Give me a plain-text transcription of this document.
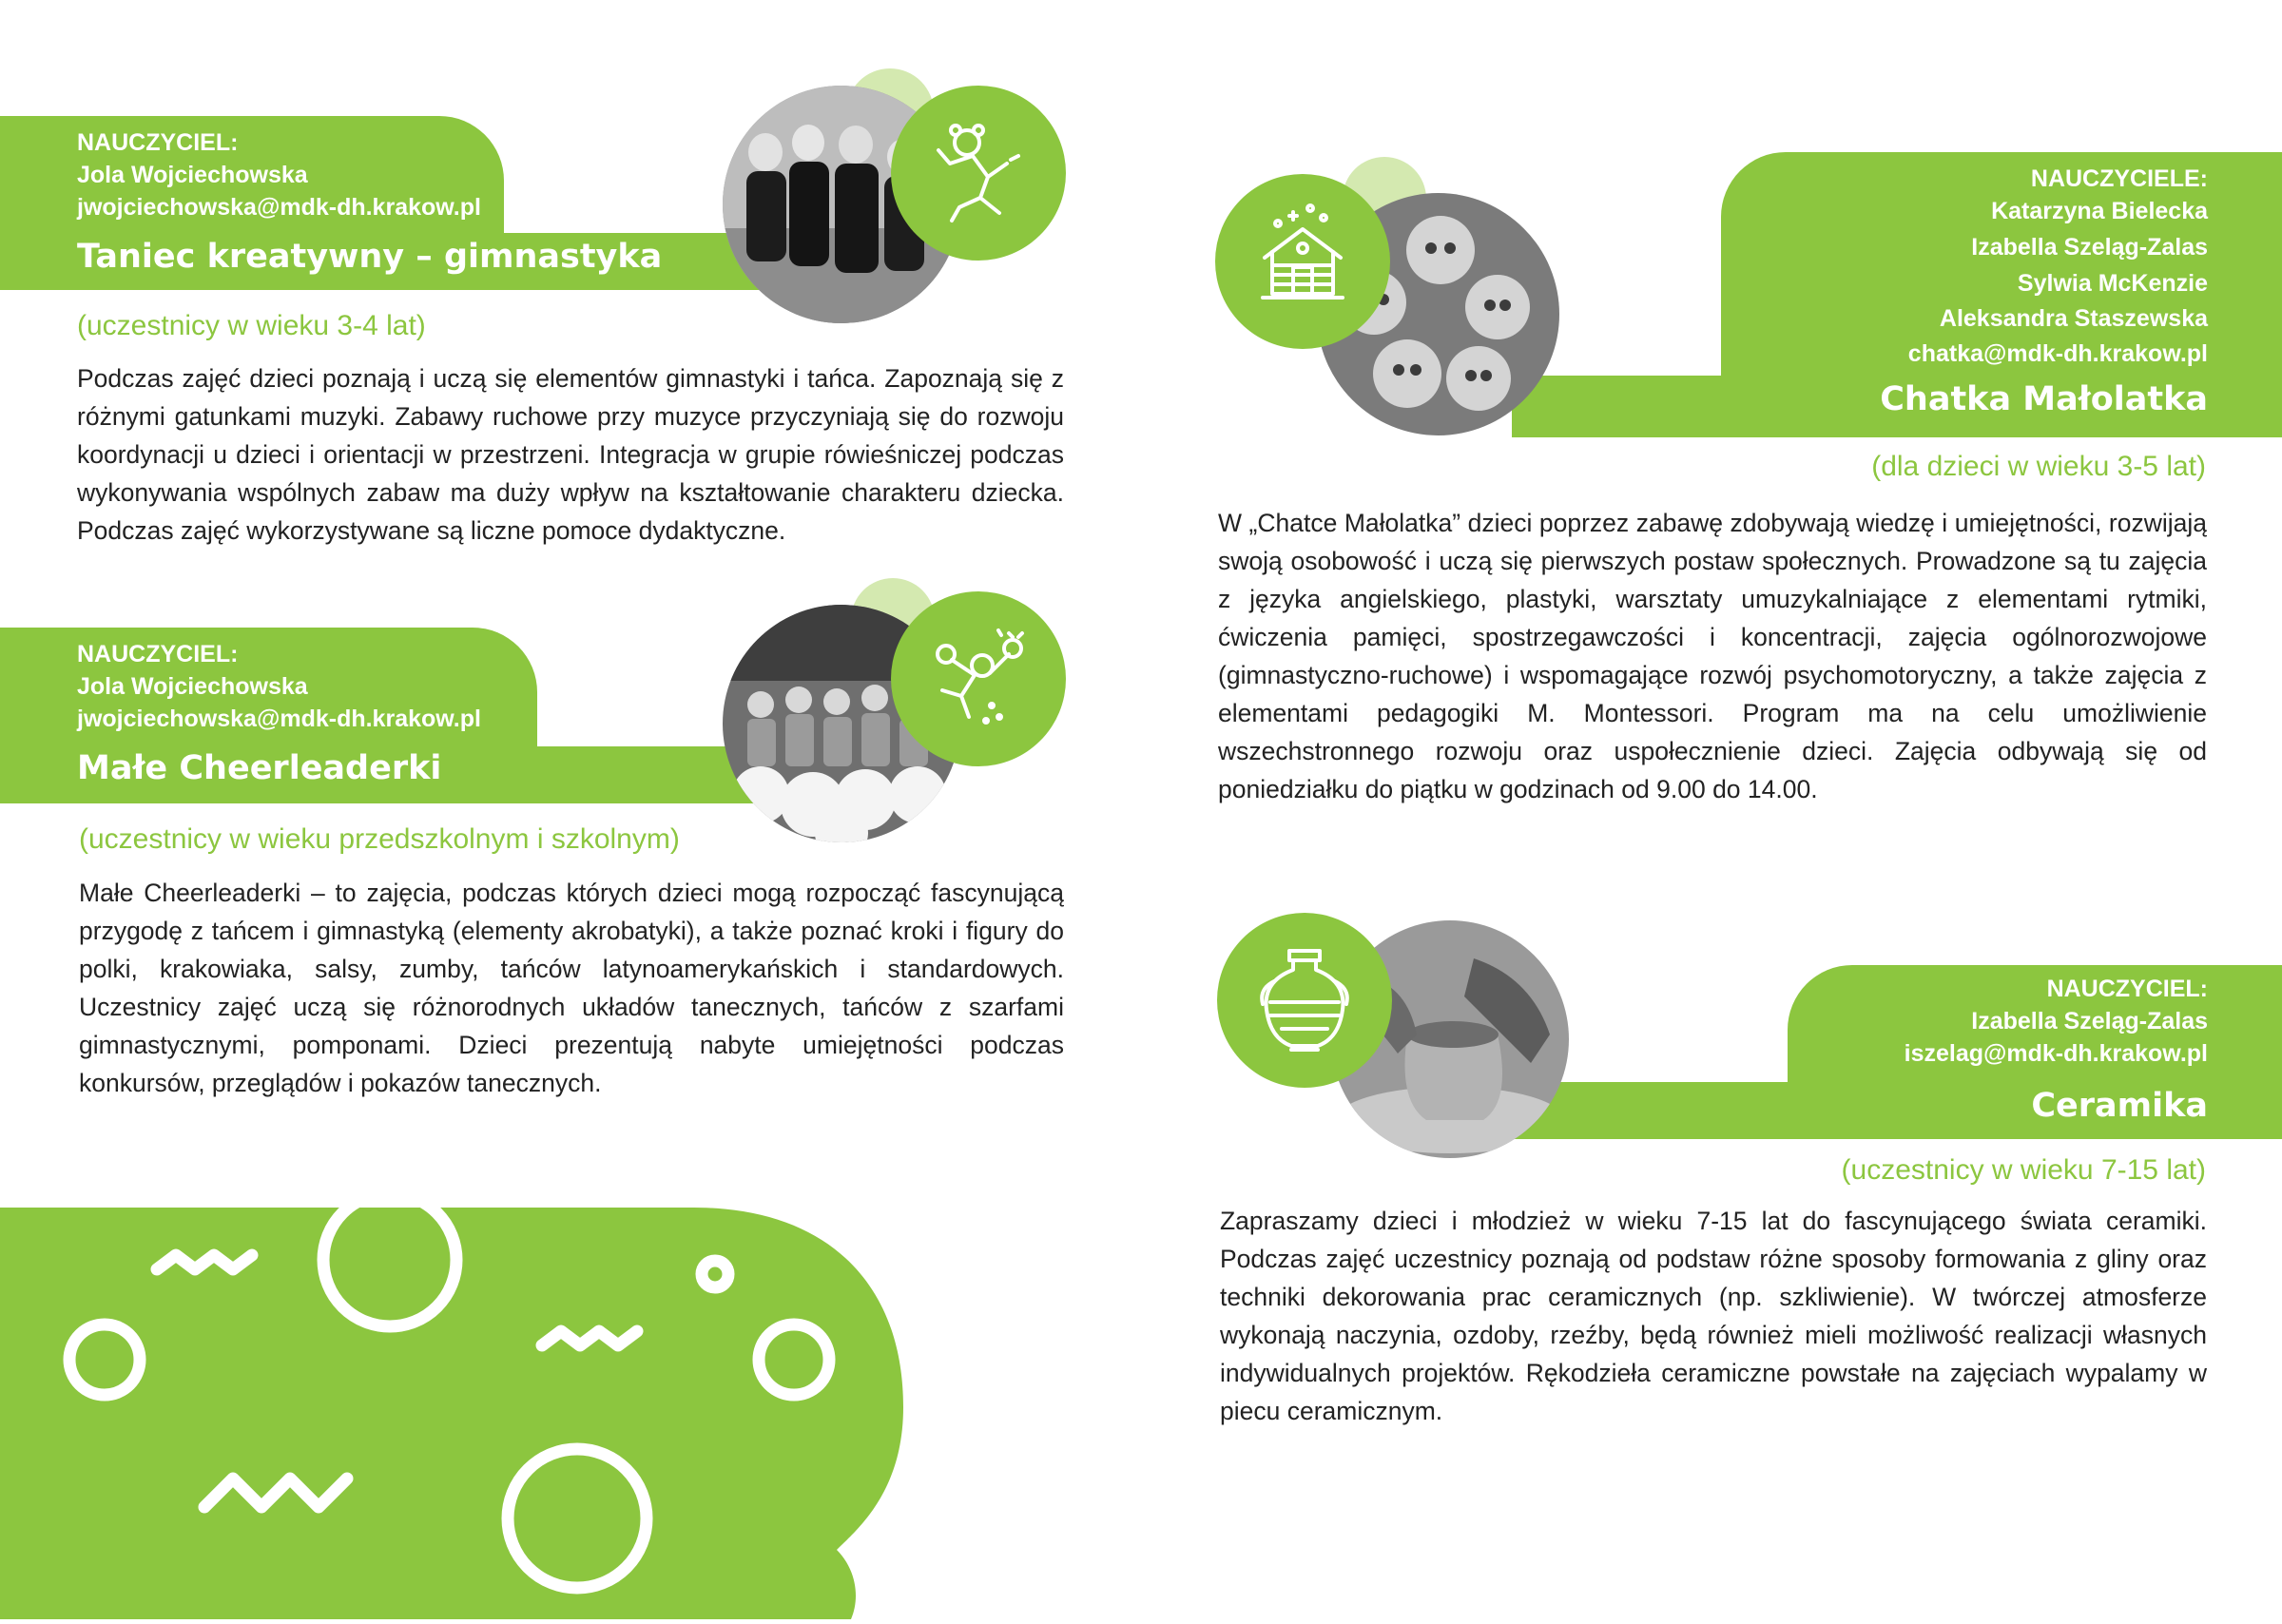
NAUCZYCIEL:
Jola Wojciechowska
jwojciechowska@mdk-dh.krakow.pl
Taniec kreatywny – gimnastyka
(uczestnicy w wieku 3-4 lat)
Podczas zajęć dzieci poznają i uczą się elementów gimnastyki i tańca. Zapoznają się z różnymi gatunkami muzyki. Zabawy ruchowe przy muzyce przyczyniają się do rozwoju koordynacji u dzieci i orientacji w przestrzeni. Integracja w grupie rówieśniczej podczas wykonywania wspólnych zabaw ma duży wpływ na kształtowanie charakteru dziecka. Podczas zajęć wykorzystywane są liczne pomoce dydaktyczne.
NAUCZYCIEL:
Jola Wojciechowska
jwojciechowska@mdk-dh.krakow.pl
Małe Cheerleaderki
(uczestnicy w wieku przedszkolnym i szkolnym)
Małe Cheerleaderki – to zajęcia, podczas których dzieci mogą rozpocząć fascynującą przygodę z tańcem i gimnastyką (elementy akrobatyki), a także poznać kroki i figury do polki, krakowiaka, salsy, zumby, tańców latynoamerykańskich i standardowych. Uczestnicy zajęć uczą się różnorodnych układów tanecznych, tańców z szarfami gimnastycznymi, pomponami. Dzieci prezentują nabyte umiejętności podczas konkursów, przeglądów i pokazów tanecznych.
NAUCZYCIELE:
Katarzyna Bielecka
Izabella Szeląg-Zalas
Sylwia McKenzie
Aleksandra Staszewska
chatka@mdk-dh.krakow.pl
Chatka Małolatka
(dla dzieci w wieku 3-5 lat)
W „Chatce Małolatka” dzieci poprzez zabawę zdobywają wiedzę i umiejętności, rozwijają swoją osobowość i uczą się pierwszych postaw społecznych. Prowadzone są tu zajęcia z języka angielskiego, plastyki, warsztaty umuzykalniające z elementami rytmiki, ćwiczenia pamięci, spostrzegawczości i koncentracji, zajęcia ogólnorozwojowe (gimnastyczno-ruchowe) i wspomagające rozwój psychomotoryczny, a także zajęcia z elementami pedagogiki M. Montessori. Program ma na celu umożliwienie wszechstronnego rozwoju oraz uspołecznienie dzieci. Zajęcia odbywają się od poniedziałku do piątku w godzinach od 9.00 do 14.00.
NAUCZYCIEL:
Izabella Szeląg-Zalas
iszelag@mdk-dh.krakow.pl
Ceramika
(uczestnicy w wieku 7-15 lat)
Zapraszamy dzieci i młodzież w wieku 7-15 lat do fascynującego świata ceramiki. Podczas zajęć uczestnicy poznają od podstaw różne sposoby formowania z gliny oraz techniki dekorowania prac ceramicznych (np. szkliwienie). W twórczej atmosferze wykonają naczynia, ozdoby, rzeźby, będą również mieli możliwość realizacji własnych indywidualnych projektów. Rękodzieła ceramiczne powstałe na zajęciach wypalamy w piecu ceramicznym.
